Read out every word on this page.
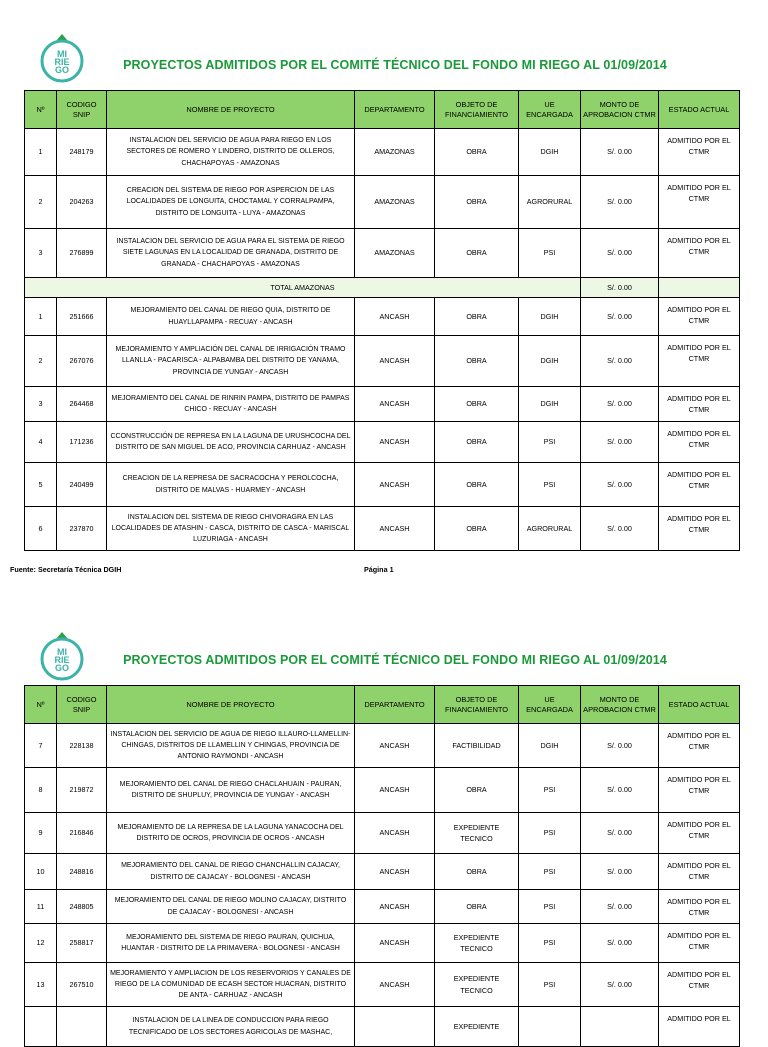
MI
RIE
GO	PROYECTOS ADMITIDOS POR EL COMITÉ TÉCNICO DEL FONDO MI RIEGO AL 01/09/2014
Nº	CODIGO SNIP	NOMBRE DE PROYECTO	DEPARTAMENTO	OBJETO DE FINANCIAMIENTO	UE ENCARGADA	MONTO DE APROBACION CTMR	ESTADO ACTUAL
1	248179	INSTALACION DEL SERVICIO DE AGUA PARA RIEGO EN LOS SECTORES DE ROMERO Y LINDERO, DISTRITO DE OLLEROS, CHACHAPOYAS - AMAZONAS	AMAZONAS	OBRA	DGIH	S/. 0.00	ADMITIDO POR EL CTMR
2	204263	CREACION DEL SISTEMA DE RIEGO POR ASPERCION DE LAS LOCALIDADES DE LONGUITA, CHOCTAMAL Y CORRALPAMPA, DISTRITO DE LONGUITA - LUYA - AMAZONAS	AMAZONAS	OBRA	AGRORURAL	S/. 0.00	ADMITIDO POR EL CTMR
3	276899	INSTALACION DEL SERVICIO DE AGUA PARA EL SISTEMA DE RIEGO SIETE LAGUNAS EN LA LOCALIDAD DE GRANADA, DISTRITO DE GRANADA - CHACHAPOYAS - AMAZONAS	AMAZONAS	OBRA	PSI	S/. 0.00	ADMITIDO POR EL CTMR
TOTAL AMAZONAS						S/. 0.00	
1	251666	MEJORAMIENTO DEL CANAL DE RIEGO QUIA, DISTRITO DE HUAYLLAPAMPA - RECUAY - ANCASH	ANCASH	OBRA	DGIH	S/. 0.00	ADMITIDO POR EL CTMR
2	267076	MEJORAMIENTO Y AMPLIACIÓN DEL CANAL DE IRRIGACIÓN TRAMO LLANLLA - PACARISCA - ALPABAMBA DEL DISTRITO DE YANAMA, PROVINCIA DE YUNGAY - ANCASH	ANCASH	OBRA	DGIH	S/. 0.00	ADMITIDO POR EL CTMR
3	264468	MEJORAMIENTO DEL CANAL DE RINRIN PAMPA, DISTRITO DE PAMPAS CHICO - RECUAY - ANCASH	ANCASH	OBRA	DGIH	S/. 0.00	ADMITIDO POR EL CTMR
4	171236	CCONSTRUCCIÓN DE REPRESA EN LA LAGUNA DE URUSHCOCHA DEL DISTRITO DE SAN MIGUEL DE ACO, PROVINCIA CARHUAZ - ANCASH	ANCASH	OBRA	PSI	S/. 0.00	ADMITIDO POR EL CTMR
5	240499	CREACION DE LA REPRESA DE SACRACOCHA Y PEROLCOCHA, DISTRITO DE MALVAS - HUARMEY - ANCASH	ANCASH	OBRA	PSI	S/. 0.00	ADMITIDO POR EL CTMR
6	237870	INSTALACION DEL SISTEMA DE RIEGO CHIVORAGRA EN LAS LOCALIDADES DE ATASHIN - CASCA, DISTRITO DE CASCA - MARISCAL LUZURIAGA - ANCASH	ANCASH	OBRA	AGRORURAL	S/. 0.00	ADMITIDO POR EL CTMR
Fuente: Secretaría Técnica DGIH	Página 1
MI
RIE
GO
PROYECTOS ADMITIDOS POR EL COMITÉ TÉCNICO DEL FONDO MI RIEGO AL 01/09/2014
Nº	CODIGO SNIP	NOMBRE DE PROYECTO	DEPARTAMENTO	OBJETO DE FINANCIAMIENTO	UE ENCARGADA	MONTO DE APROBACION CTMR	ESTADO ACTUAL
7	228138	INSTALACION DEL SERVICIO DE AGUA DE RIEGO ILLAURO-LLAMELLIN-CHINGAS, DISTRITOS DE LLAMELLIN Y CHINGAS, PROVINCIA DE ANTONIO RAYMONDI - ANCASH	ANCASH	FACTIBILIDAD	DGIH	S/. 0.00	ADMITIDO POR EL CTMR
8	219872	MEJORAMIENTO DEL CANAL DE RIEGO CHACLAHUAIN - PAURAN, DISTRITO DE SHUPLUY, PROVINCIA DE YUNGAY - ANCASH	ANCASH	OBRA	PSI	S/. 0.00	ADMITIDO POR EL CTMR
9	216846	MEJORAMIENTO DE LA REPRESA DE LA LAGUNA YANACOCHA DEL DISTRITO DE OCROS, PROVINCIA DE OCROS - ANCASH	ANCASH	EXPEDIENTE TECNICO	PSI	S/. 0.00	ADMITIDO POR EL CTMR
10	248816	MEJORAMIENTO DEL CANAL DE RIEGO CHANCHALLIN CAJACAY, DISTRITO DE CAJACAY - BOLOGNESI - ANCASH	ANCASH	OBRA	PSI	S/. 0.00	ADMITIDO POR EL CTMR
11	248805	MEJORAMIENTO DEL CANAL DE RIEGO MOLINO CAJACAY, DISTRITO DE CAJACAY - BOLOGNESI - ANCASH	ANCASH	OBRA	PSI	S/. 0.00	ADMITIDO POR EL CTMR
12	258817	MEJORAMIENTO DEL SISTEMA DE RIEGO PAURAN, QUICHUA, HUANTAR - DISTRITO DE LA PRIMAVERA - BOLOGNESI - ANCASH	ANCASH	EXPEDIENTE TECNICO	PSI	S/. 0.00	ADMITIDO POR EL CTMR
13	267510	MEJORAMIENTO Y AMPLIACION DE LOS RESERVORIOS Y CANALES DE RIEGO DE LA COMUNIDAD DE ECASH SECTOR HUACRAN, DISTRITO DE ANTA - CARHUAZ - ANCASH	ANCASH	EXPEDIENTE TECNICO	PSI	S/. 0.00	ADMITIDO POR EL CTMR
		INSTALACION DE LA LINEA DE CONDUCCION PARA RIEGO TECNIFICADO DE LOS SECTORES AGRICOLAS DE MASHAC,		EXPEDIENTE			ADMITIDO POR EL
